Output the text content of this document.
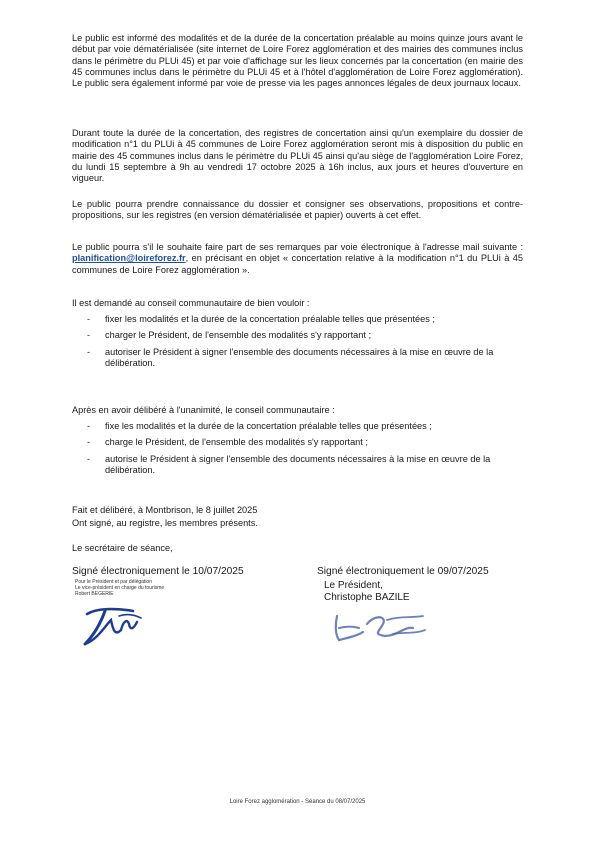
Le public est informé des modalités et de la durée de la concertation préalable au moins quinze jours avant le début par voie dématérialisée (site internet de Loire Forez agglomération et des mairies des communes inclus dans le périmètre du PLUi 45) et par voie d'affichage sur les lieux concernés par la concertation (en mairie des 45 communes inclus dans le périmètre du PLUi 45 et à l'hôtel d'agglomération de Loire Forez agglomération). Le public sera également informé par voie de presse via les pages annonces légales de deux journaux locaux.

Durant toute la durée de la concertation, des registres de concertation ainsi qu'un exemplaire du dossier de modification n°1 du PLUi à 45 communes de Loire Forez agglomération seront mis à disposition du public en mairie des 45 communes inclus dans le périmètre du PLUi 45 ainsi qu'au siège de l'agglomération Loire Forez, du lundi 15 septembre à 9h au vendredi 17 octobre 2025 à 16h inclus, aux jours et heures d'ouverture en vigueur.

Le public pourra prendre connaissance du dossier et consigner ses observations, propositions et contre-propositions, sur les registres (en version dématérialisée et papier) ouverts à cet effet.

Le public pourra s'il le souhaite faire part de ses remarques par voie électronique à l'adresse mail suivante : planification@loireforez.fr, en précisant en objet « concertation relative à la modification n°1 du PLUi à 45 communes de Loire Forez agglomération ».

Il est demandé au conseil communautaire de bien vouloir :

- fixer les modalités et la durée de la concertation préalable telles que présentées ;
- charger le Président, de l'ensemble des modalités s'y rapportant ;
- autoriser le Président à signer l'ensemble des documents nécessaires à la mise en œuvre de la délibération.

Après en avoir délibéré à l'unanimité, le conseil communautaire :

- fixe les modalités et la durée de la concertation préalable telles que présentées ;
- charge le Président, de l'ensemble des modalités s'y rapportant ;
- autorise le Président à signer l'ensemble des documents nécessaires à la mise en œuvre de la délibération.

Fait et délibéré, à Montbrison, le 8 juillet 2025

Ont signé, au registre, les membres présents.

Le secrétaire de séance,

Signé électroniquement le 10/07/2025

Pour le Président et par délégation

Le vice-président en charge du tourisme

Robert BEGERIE

Signé électroniquement le 09/07/2025

Le Président,

Christophe BAZILE

Loire Forez agglomération - Séance du 08/07/2025
